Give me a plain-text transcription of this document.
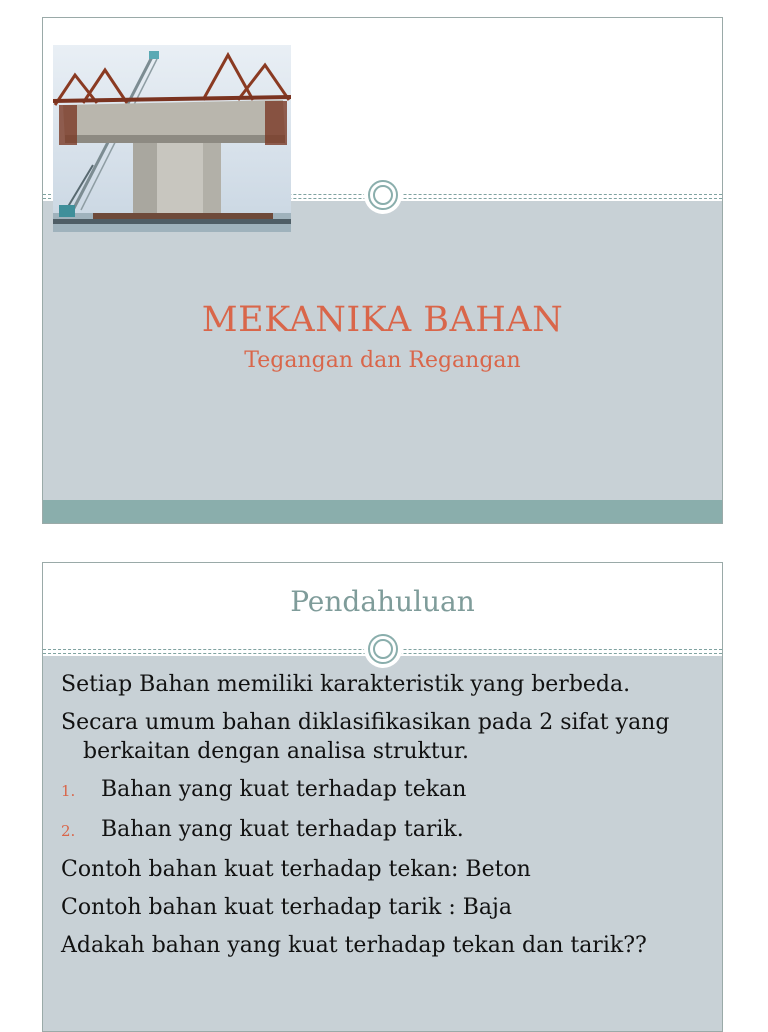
MEKANIKA BAHAN
Tegangan dan Regangan
Pendahuluan

Setiap Bahan memiliki karakteristik yang berbeda.

Secara umum bahan diklasifikasikan pada 2 sifat yang berkaitan dengan analisa struktur.

1.	Bahan yang kuat terhadap tekan
2.	Bahan yang kuat terhadap tarik.

Contoh bahan kuat terhadap tekan: Beton

Contoh bahan kuat terhadap tarik : Baja

Adakah bahan yang kuat terhadap tekan dan tarik??
